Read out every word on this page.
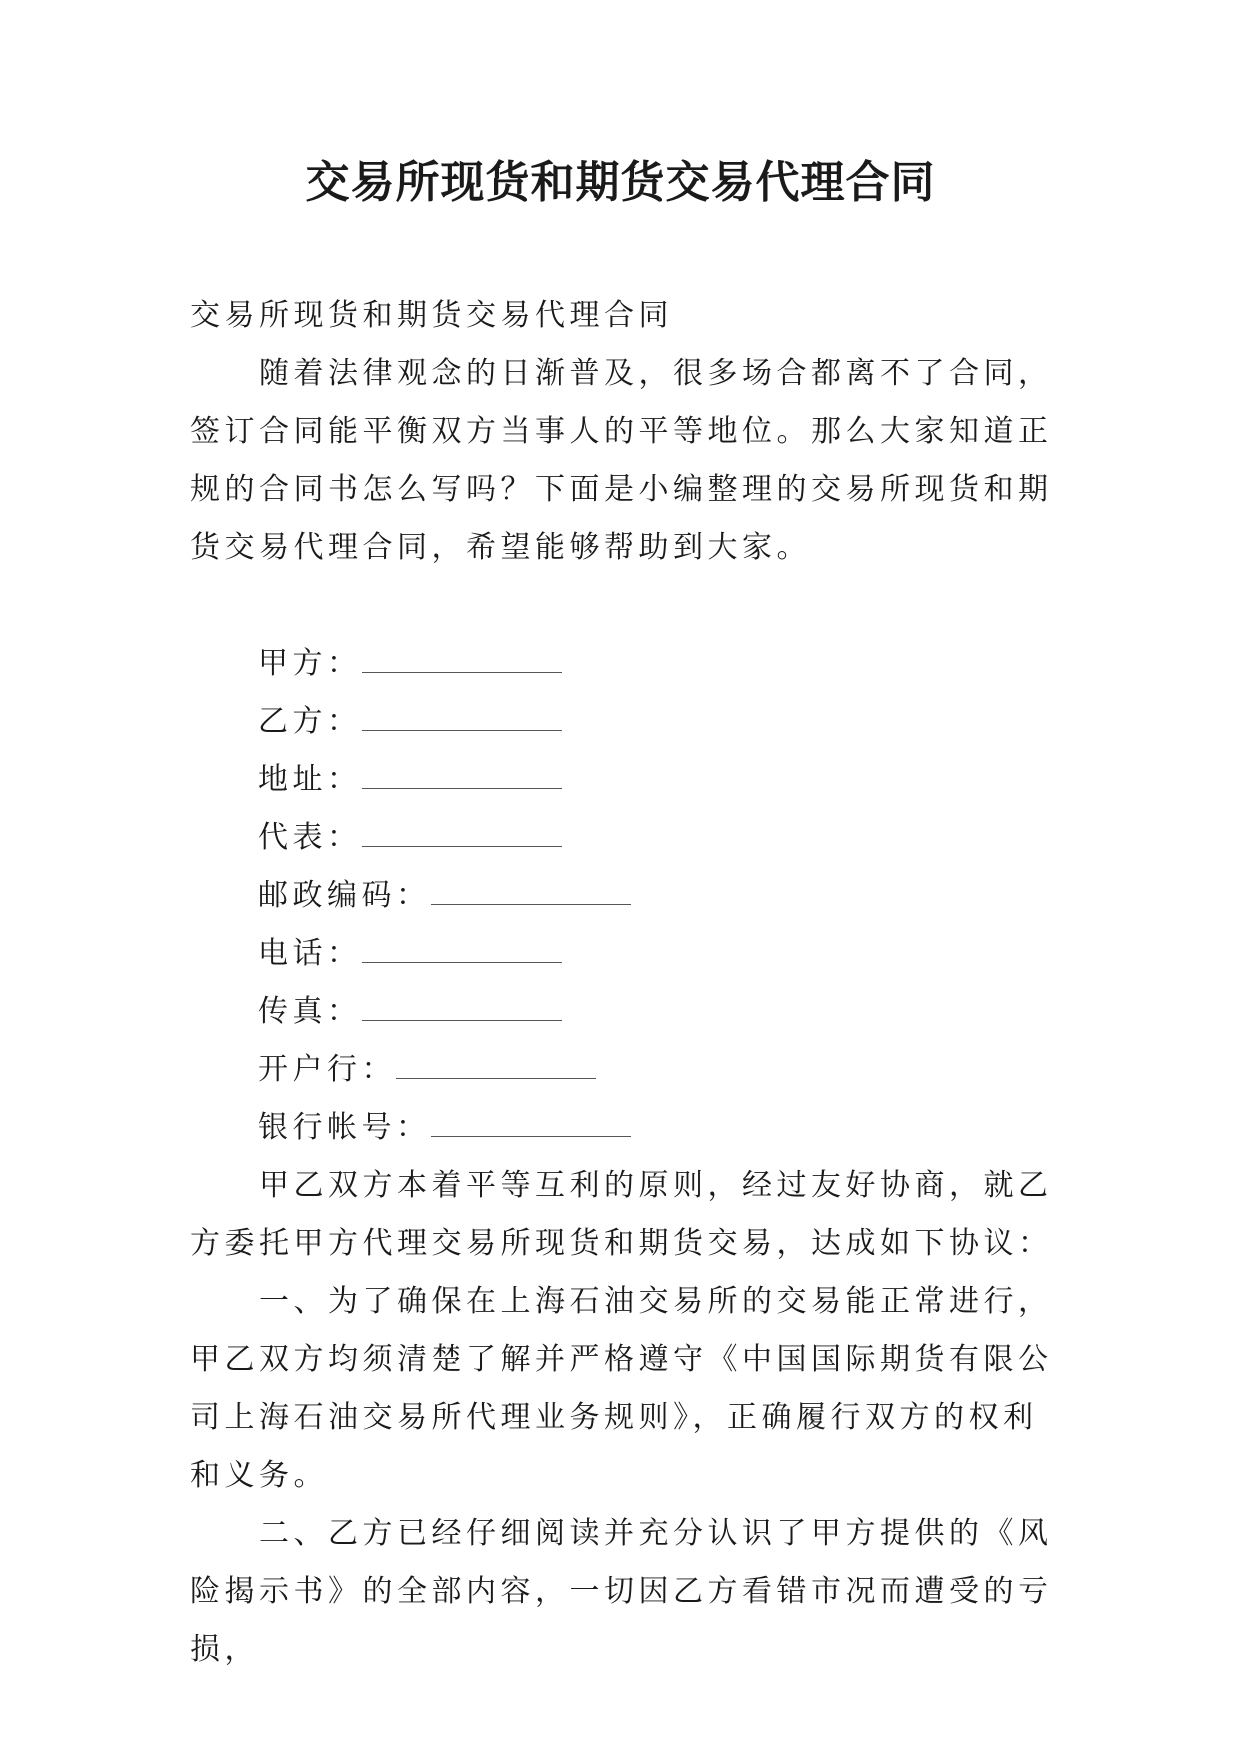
交易所现货和期货交易代理合同

交易所现货和期货交易代理合同

随着法律观念的日渐普及，很多场合都离不了合同，签订合同能平衡双方当事人的平等地位。那么大家知道正规的合同书怎么写吗？下面是小编整理的交易所现货和期货交易代理合同，希望能够帮助到大家。

甲方：

乙方：

地址：

代表：

邮政编码：

电话：

传真：

开户行：

银行帐号：

甲乙双方本着平等互利的原则，经过友好协商，就乙方委托甲方代理交易所现货和期货交易，达成如下协议：

一、为了确保在上海石油交易所的交易能正常进行，甲乙双方均须清楚了解并严格遵守《中国国际期货有限公司上海石油交易所代理业务规则》，正确履行双方的权利和义务。

二、乙方已经仔细阅读并充分认识了甲方提供的《风险揭示书》的全部内容，一切因乙方看错市况而遭受的亏损，
